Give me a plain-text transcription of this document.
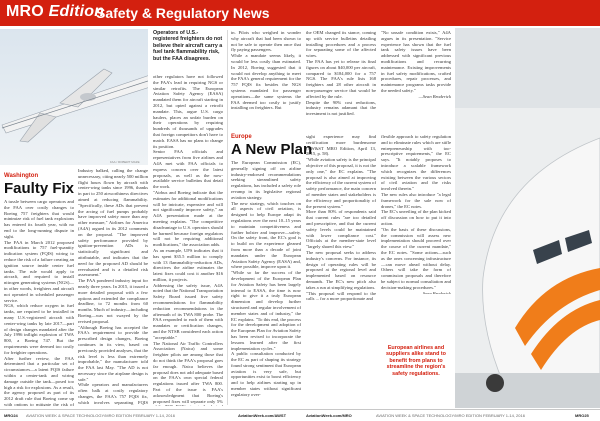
MRO Edition
Safety & Regulatory News
FAA / ROBERT MAZE
Washington
Faulty Fix

A tussle between cargo operators and the FAA over costly changes to Boeing 757 freighters that would minimize risk of fuel tank explosions has entered its fourth year, with no end to the long-running dispute in sight.

The FAA in March 2012 proposed modifications to 757 fuel-quantity indication system (FQIS) wiring to reduce the risk of a failure creating an ignition source inside center fuel tanks. The rule would apply to aircraft, and required to install nitrogen generating systems (NGS)—in other words, freighters and aircraft not operated in scheduled passenger service.

NGS, which reduce oxygen in fuel tanks, are required to be installed in many U.S.-registered aircraft with center-wing tanks by late 2017—part of design changes mandated after the July 1996 inflight explosion of TWA 800, a Boeing 747. But the requirements were deemed too costly for freighter operations.

After further review, the FAA determined that a particular set of circumstances—a latent FQIS failure within a center-tank and wiring damage outside the tank—posed too high a risk for explosions. As a result, the agency proposed as part of its 2012 draft rule that Boeing come up with options to mitigate the risk of

Industry balked, calling the change unnecessary, citing nearly 500 million flight hours flown by aircraft with center-wing tanks since 1996, thanks in part to 250 airworthiness directives aimed at reducing flammability. "Specifically, these ADs that prevent the arcing of fuel pumps probably have improved safety more than any other measure," Airlines for America (A4A) argued in its 2012 comments on the proposal. "The improved safety performance provided by ignition-prevention ADs is statistically significant and attributable, and indicates that the need for the proposed AD should be reevaluated and is a detailed risk assessment."

The FAA pondered industry input for nearly three years. In 2015, it issued a more detailed proposal with a few options and extended the compliance deadline, to 72 months from 60 months. Much of industry—including Boeing—was not swayed by the revised proposal.

"Although Boeing has accepted the FAA's requirement to provide the prescribed design changes, Boeing continues in its view, based on previously provided analyses, that the risk level is less than extremely improbable," the manufacturer told the FAA last May. "The AD is not necessary since the airplane design is safe."

While operators and manufacturers often balk at costly regulatory changes, the FAA's 757 FQIS fix, which involves separating FQIS

Operators of U.S.-registered freighters do not believe their aircraft carry a fuel tank flammability risk, but the FAA disagrees.

other regulators have not followed the FAA's lead in requiring NGS or similar retrofits. The European Aviation Safety Agency (EASA) mandated them for aircraft starting in 2012, but opted against a retrofit mandate. This, argue U.S. cargo haulers, places an unfair burden on their operations by requiring hundreds of thousands of upgrades that foreign competitors don't have to match. EASA has no plans to change its position.

Senior FAA officials and representatives from five airlines and A4A met with FAA officials to express concern over the latest proposals, as well as the now-available service bulletins that detail the work.

"Airbus and Boeing indicate that the estimates for additional modifications will be intricate, expensive and will not significantly improve safety," an A4A presentation made at the meeting explains. "The competitive disadvantage to U.S. operators should be harmed because foreign regulators will not be requiring additional modifications," the association adds.

As an example, UPS indicates that it has spent $35.5 million to comply with 13 flammability-reduction ADs, directives the airline estimates the latest fixes could cost it another $16 million, it projects.

Addressing the safety issue, A4A noted that the National Transportation Safety Board issued five safety recommendations for flammability reduction recommendations in the aftermath of its TWA 800 probe. The FAA responded to each of them with mandates or certification changes, and the NTSB considered each action "acceptable."

The National Air Traffic Controllers Association (Natca) and some freighter pilots are among those that do not think the FAA's proposal goes far enough. Natca believes the proposal does not add adequate based on the FAA's own special federal regulations issued after TWA 800. Part of the issue is FAA's acknowledgment that Boeing's proposed fixes will separate only 5%

in. Pilots who weighed in wonder why aircraft that had been shown to not be safe to operate then once that fly paying passengers.

While a mandate seems likely, it would be less costly than estimated. In 2012, Boeing suggested that it would not develop anything to meet the FAA's general requirement for the 757 FQIS fix besides the NGS systems mandated for passenger operations—the same systems the FAA deemed too costly to justify installing on freighters. But

the OEM changed its stance, coming up with service bulletins detailing installing procedures and a process for separating some of the affected wires.

The FAA has yet to release its final figures on about $40,000 per aircraft, compared to $184,000 for a 757 NGS. The FAA's rule lists 168 freighters and 28 other aircraft in non-passenger service that would be affected by the rule.

Despite the 90% cost reductions, industry remains adamant that the investment is not justified.

"No unsafe condition exists," A4A argues in its presentation. "Service experience has shown that the fuel tank safety issues have been addressed with significant previous modifications and recurring maintenance. Existing improvements in fuel safety modifications, crafted procedures, repair processes, and maintenance programs tasks provide the needed safety."

—Sean Broderick

Europe
A New Plan

The European Commission (EC), generally signing off on airline industry-endorsed recommendations seeking streamlined safety regulations, has included a safety role revamp in its legislative regional aviation strategy.

The new strategy, which touches on all aspects of civil aviation, is designed to help Europe adapt its regulations over the next 10–15 years to maintain competitiveness and further bolster and improve—safety. On the safety front, the EC's goal is to build on the experience gleaned from more than a decade of joint mandates under the European Aviation Safety Agency (EASA) and, where possible, improve upon it.

"While so far the success of the development of the European Plan for Aviation Safety has been largely internal to EASA, the time is now right to give it a truly European dimension and develop further structured and regular involvement of member states and of industry," the EC explains. "To this end, the process for the development and adoption of the European Plan for Aviation Safety has been revised to incorporate the lessons learned after the first implementation cycles."

A public consultation conducted by the EC as part of shaping its strategy found strong sentiment that European aviation is very safe, but opportunities exist to boost efficiency and to help airlines starting up in member states without significant regulatory over-

sight experience may find certification more burdensome (AW&ST MRO Edition, April 13, 2015, p. 58).

"While aviation safety is the principal objective of this proposal, it is not the only one," the EC explains. "The proposal is also aimed at improving the efficiency of the current system of safety performance, the main concern of member states and stakeholders is the efficiency and proportionality of the present system."

More than 80% of respondents said that current rules "are too detailed and prescriptive, and that the current safety levels could be maintained with lower compliance cost." Officials at the member-state level "largely shared this view."

The new proposal seeks to address industry's concerns. For instance, its design of operating rules will be proposed at the regional level and implemented based on resource demands. The EC's new pitch also takes a run at simplifying regulations.

"This proposal will respond to the calls ... for a more proportionate and

flexible approach to safety regulation and to eliminate rules which are stifle entrepreneurship with too-prescriptive requirements," the EC says. "It notably proposes to introduce a scalable framework which recognizes the differences existing between the various sectors of civil aviation and the risks involved therein."

The new rules also introduce "a legal framework for the sale now of drones," the EC notes.

The EC's unveiling of the plan kicked off discussion on how to put it into action.

"On the basis of these discussions, the commission will assess new implementation should proceed over the course of the current mandate," the EC notes. "Some actions—such as the ones concerning infrastructure—can move ahead without delay. Others will take the form of commission proposals and therefore be subject to normal consultation and decision-making procedures."

—Sean Broderick

European airlines and suppliers alike stand to benefit from plans to streamline the region's safety regulations.
MRO24 AVIATION WEEK & SPACE TECHNOLOGY/MRO EDITION FEBRUARY 1-14, 2016	AviationWeek.com/AWST	AviationWeek.com/MRO	AVIATION WEEK & SPACE TECHNOLOGY/MRO EDITION FEBRUARY 1-14, 2016	MRO25
